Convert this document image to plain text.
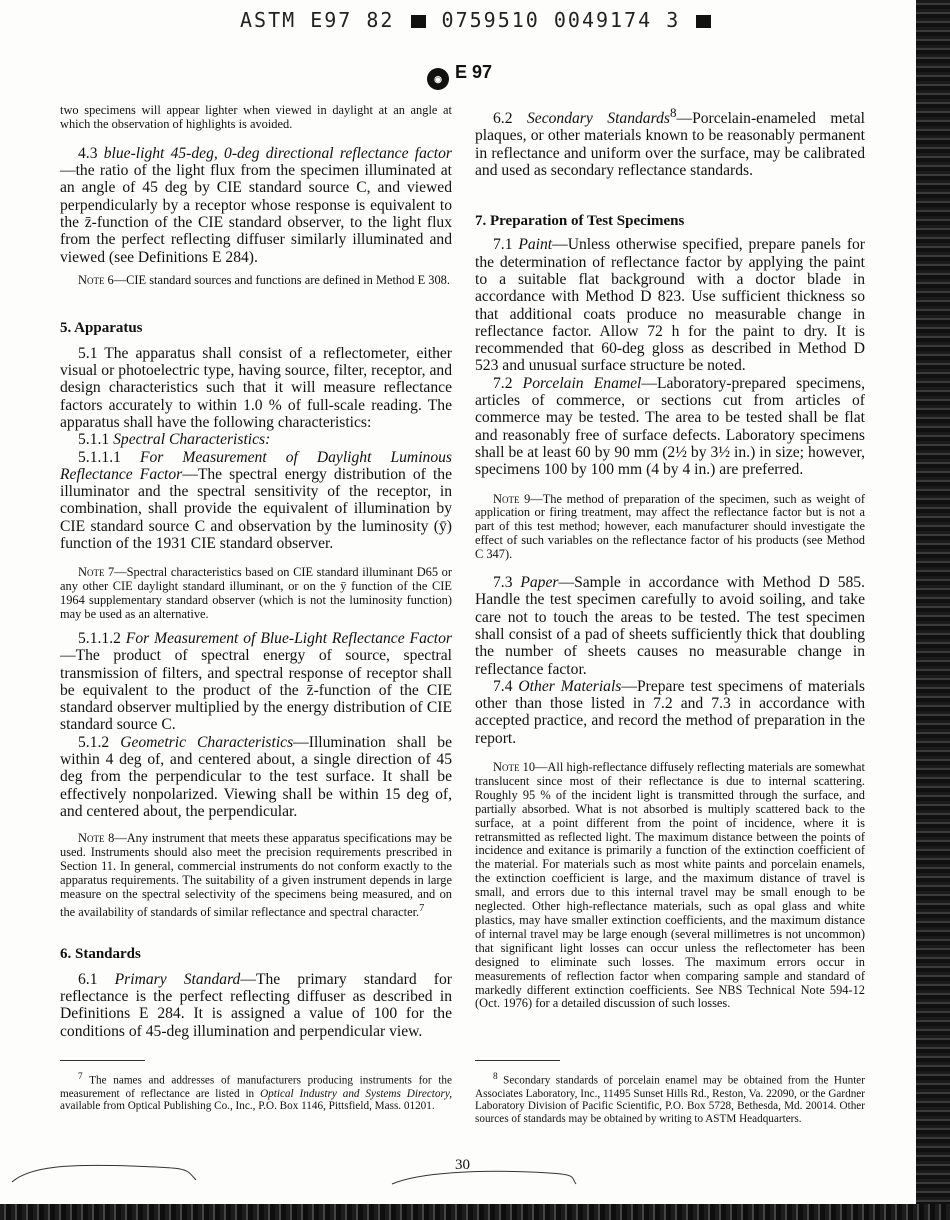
ASTM E97 82 0759510 0049174 3
◉ E 97

two specimens will appear lighter when viewed in daylight at an angle at which the observation of highlights is avoided.

4.3 blue-light 45-deg, 0-deg directional reflectance factor—the ratio of the light flux from the specimen illuminated at an angle of 45 deg by CIE standard source C, and viewed perpendicularly by a receptor whose response is equivalent to the z̄-function of the CIE standard observer, to the light flux from the perfect reflecting diffuser similarly illuminated and viewed (see Definitions E 284).

Note 6—CIE standard sources and functions are defined in Method E 308.

5. Apparatus

5.1 The apparatus shall consist of a reflectometer, either visual or photoelectric type, having source, filter, receptor, and design characteristics such that it will measure reflectance factors accurately to within 1.0 % of full-scale reading. The apparatus shall have the following characteristics:

5.1.1 Spectral Characteristics:

5.1.1.1 For Measurement of Daylight Luminous Reflectance Factor—The spectral energy distribution of the illuminator and the spectral sensitivity of the receptor, in combination, shall provide the equivalent of illumination by CIE standard source C and observation by the luminosity (ȳ) function of the 1931 CIE standard observer.

Note 7—Spectral characteristics based on CIE standard illuminant D65 or any other CIE daylight standard illuminant, or on the ȳ function of the CIE 1964 supplementary standard observer (which is not the luminosity function) may be used as an alternative.

5.1.1.2 For Measurement of Blue-Light Reflectance Factor—The product of spectral energy of source, spectral transmission of filters, and spectral response of receptor shall be equivalent to the product of the z̄-function of the CIE standard observer multiplied by the energy distribution of CIE standard source C.

5.1.2 Geometric Characteristics—Illumination shall be within 4 deg of, and centered about, a single direction of 45 deg from the perpendicular to the test surface. It shall be effectively nonpolarized. Viewing shall be within 15 deg of, and centered about, the perpendicular.

Note 8—Any instrument that meets these apparatus specifications may be used. Instruments should also meet the precision requirements prescribed in Section 11. In general, commercial instruments do not conform exactly to the apparatus requirements. The suitability of a given instrument depends in large measure on the spectral selectivity of the specimens being measured, and on the availability of standards of similar reflectance and spectral character.$^7$

6. Standards

6.1 Primary Standard—The primary standard for reflectance is the perfect reflecting diffuser as described in Definitions E 284. It is assigned a value of 100 for the conditions of 45-deg illumination and perpendicular view.

$^7$ The names and addresses of manufacturers producing instruments for the measurement of reflectance are listed in Optical Industry and Systems Directory, available from Optical Publishing Co., Inc., P.O. Box 1146, Pittsfield, Mass. 01201.

6.2 Secondary Standards$^8$—Porcelain-enameled metal plaques, or other materials known to be reasonably permanent in reflectance and uniform over the surface, may be calibrated and used as secondary reflectance standards.

7. Preparation of Test Specimens

7.1 Paint—Unless otherwise specified, prepare panels for the determination of reflectance factor by applying the paint to a suitable flat background with a doctor blade in accordance with Method D 823. Use sufficient thickness so that additional coats produce no measurable change in reflectance factor. Allow 72 h for the paint to dry. It is recommended that 60-deg gloss as described in Method D 523 and unusual surface structure be noted.

7.2 Porcelain Enamel—Laboratory-prepared specimens, articles of commerce, or sections cut from articles of commerce may be tested. The area to be tested shall be flat and reasonably free of surface defects. Laboratory specimens shall be at least 60 by 90 mm (2½ by 3½ in.) in size; however, specimens 100 by 100 mm (4 by 4 in.) are preferred.

Note 9—The method of preparation of the specimen, such as weight of application or firing treatment, may affect the reflectance factor but is not a part of this test method; however, each manufacturer should investigate the effect of such variables on the reflectance factor of his products (see Method C 347).

7.3 Paper—Sample in accordance with Method D 585. Handle the test specimen carefully to avoid soiling, and take care not to touch the areas to be tested. The test specimen shall consist of a pad of sheets sufficiently thick that doubling the number of sheets causes no measurable change in reflectance factor.

7.4 Other Materials—Prepare test specimens of materials other than those listed in 7.2 and 7.3 in accordance with accepted practice, and record the method of preparation in the report.

Note 10—All high-reflectance diffusely reflecting materials are somewhat translucent since most of their reflectance is due to internal scattering. Roughly 95 % of the incident light is transmitted through the surface, and partially absorbed. What is not absorbed is multiply scattered back to the surface, at a point different from the point of incidence, where it is retransmitted as reflected light. The maximum distance between the points of incidence and exitance is primarily a function of the extinction coefficient of the material. For materials such as most white paints and porcelain enamels, the extinction coefficient is large, and the maximum distance of travel is small, and errors due to this internal travel may be small enough to be neglected. Other high-reflectance materials, such as opal glass and white plastics, may have smaller extinction coefficients, and the maximum distance of internal travel may be large enough (several millimetres is not uncommon) that significant light losses can occur unless the reflectometer has been designed to eliminate such losses. The maximum errors occur in measurements of reflection factor when comparing sample and standard of markedly different extinction coefficients. See NBS Technical Note 594-12 (Oct. 1976) for a detailed discussion of such losses.

$^8$ Secondary standards of porcelain enamel may be obtained from the Hunter Associates Laboratory, Inc., 11495 Sunset Hills Rd., Reston, Va. 22090, or the Gardner Laboratory Division of Pacific Scientific, P.O. Box 5728, Bethesda, Md. 20014. Other sources of standards may be obtained by writing to ASTM Headquarters.

30
